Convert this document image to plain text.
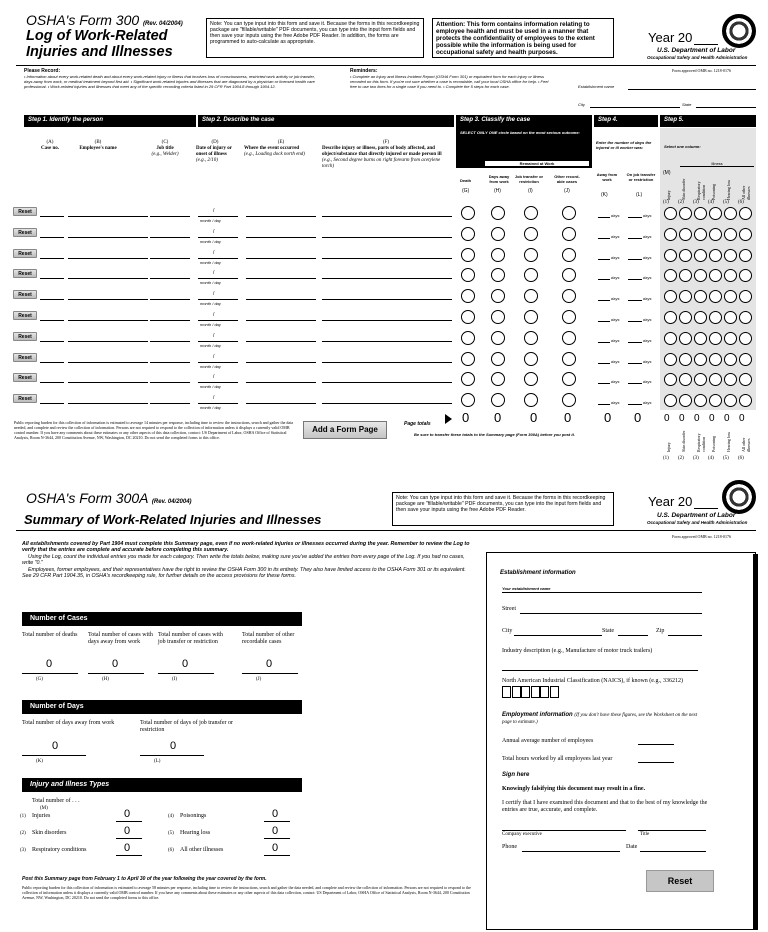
OSHA's Form 300 (Rev. 04/2004)
Log of Work-Related
Injuries and Illnesses
Note: You can type input into this form and save it. Because the forms in this recordkeeping package are "fillable/writable" PDF documents, you can type into the input form fields and then save your inputs using the free Adobe PDF Reader. In addition, the forms are programmed to auto-calculate as appropriate.
Attention: This form contains information relating to employee health and must be used in a manner that protects the confidentiality of employees to the extent possible while the information is being used for occupational safety and health purposes.
Year 20
U.S. Department of Labor
Occupational Safety and Health Administration
Form approved OMB no. 1218-0176
Please Record:
• Information about every work-related death and about every work-related injury or illness that involves loss of consciousness, restricted work activity or job transfer, days away from work, or medical treatment beyond first aid. • Significant work-related injuries and illnesses that are diagnosed by a physician or licensed health care professional. • Work-related injuries and illnesses that meet any of the specific recording criteria listed in 29 CFR Part 1904.8 through 1904.12.
Reminders:
• Complete an Injury and Illness Incident Report (OSHA Form 301) or equivalent form for each injury or illness recorded on this form. If you're not sure whether a case is recordable, call your local OSHA office for help. • Feel free to use two lines for a single case if you need to. • Complete the 5 steps for each case.	Establishment name
City	State
Step 1. Identify the person	Step 2. Describe the case	Step 3. Classify the case
SELECT ONLY ONE circle based on the most serious outcome:
Step 4.	Step 5.
(A)
Case no.
(B)
Employee's name
(C)
Job title
(e.g., Welder)
(D)
Date of injury or onset of illness
(e.g., 2/10)
(E)
Where the event occurred
(e.g., Loading dock north end)
(F)
Describe injury or illness, parts of body affected, and object/substance that directly injured or made person ill
(e.g., Second degree burns on right forearm from acetylene torch)
Remained at Work
Death
Days away from work
Job transfer or restriction
Other record-able cases
(G)	(H)	(I)	(J)
Enter the number of days the injured or ill worker was:
Away from work
On job transfer or restriction
(K)	(L)
Select one column:
Illness
(M)
Injury
(1)
Skin disorder
(2)
Respiratory condition
(3)
Poisoning
(4)
Hearing loss
(5)
All other illnesses
(6)
Reset	/
month / day
days	days
Reset	/
month / day
days	days
Reset	/
month / day
days	days
Reset	/
month / day
days	days
Reset	/
month / day
days	days
Reset	/
month / day
days	days
Reset	/
month / day
days	days
Reset	/
month / day
days	days
Reset	/
month / day
days	days
Reset	/
month / day
days	days
Page totals 0 0 0 0	0 0 0 0 0 0 0 0
Be sure to transfer these totals to the Summary page (Form 300A) before you post it.
Add a Form Page
Public reporting burden for this collection of information is estimated to average 14 minutes per response, including time to review the instructions, search and gather the data needed, and complete and review the collection of information. Persons are not required to respond to the collection of information unless it displays a currently valid OMB control number. If you have any comments about these estimates or any other aspects of this data collection, contact: US Department of Labor, OSHA Office of Statistical Analysis, Room N-3644, 200 Constitution Avenue, NW, Washington, DC 20210. Do not send the completed forms to this office.
Injury
(1)
Skin disorder
(2)
Respiratory condition
(3)
Poisoning
(4)
Hearing loss
(5)
All other illnesses
(6)
OSHA's Form 300A (Rev. 04/2004)
Summary of Work-Related Injuries and Illnesses
Note: You can type input into this form and save it. Because the forms in this recordkeeping package are "fillable/writable" PDF documents, you can type into the input form fields and then save your inputs using the free Adobe PDF Reader.
Year 20
U.S. Department of Labor
Occupational Safety and Health Administration
Form approved OMB no. 1218-0176
All establishments covered by Part 1904 must complete this Summary page, even if no work-related injuries or illnesses occurred during the year. Remember to review the Log to verify that the entries are complete and accurate before completing this summary.
Using the Log, count the individual entries you made for each category. Then write the totals below, making sure you've added the entries from every page of the Log. If you had no cases, write "0."
Employees, former employees, and their representatives have the right to review the OSHA Form 300 in its entirety. They also have limited access to the OSHA Form 301 or its equivalent. See 29 CFR Part 1904.35, in OSHA's recordkeeping rule, for further details on the access provisions for these forms.
Number of Cases
Total number of deaths
0
(G)
Total number of cases with days away from work
0
(H)
Total number of cases with job transfer or restriction
0
(I)
Total number of other recordable cases
0
(J)
Number of Days
Total number of days away from work
0
(K)
Total number of days of job transfer or restriction
0
(L)
Injury and Illness Types
Total number of . . .
(M)
(1) Injuries	0
(2) Skin disorders	0
(3) Respiratory conditions	0
(4) Poisonings	0
(5) Hearing loss	0
(6) All other illnesses	0
Post this Summary page from February 1 to April 30 of the year following the year covered by the form.
Public reporting burden for this collection of information is estimated to average 58 minutes per response, including time to review the instructions, search and gather the data needed, and complete and review the collection of information. Persons are not required to respond to the collection of information unless it displays a currently valid OMB control number. If you have any comments about these estimates or any other aspects of this data collection, contact: US Department of Labor, OSHA Office of Statistical Analysis, Room N-3644, 200 Constitution Avenue, NW, Washington, DC 20210. Do not send the completed forms to this office.
Establishment information
Your establishment name
Street
City	State	Zip
Industry description (e.g., Manufacture of motor truck trailers)
North American Industrial Classification (NAICS), if known (e.g., 336212)
Employment information (If you don't have these figures, see the Worksheet on the next page to estimate.)
Annual average number of employees
Total hours worked by all employees last year
Sign here
Knowingly falsifying this document may result in a fine.
I certify that I have examined this document and that to the best of my knowledge the entries are true, accurate, and complete.
Company executive	Title
Phone	Date
Reset
